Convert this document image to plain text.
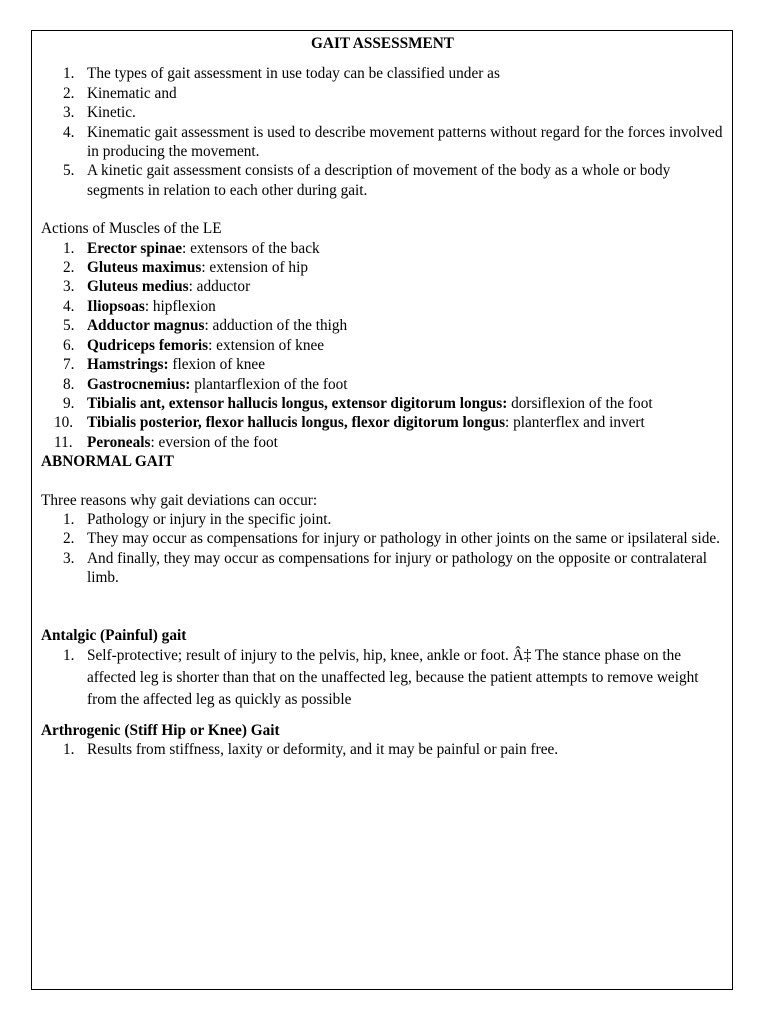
GAIT ASSESSMENT
1. The types of gait assessment in use today can be classified under as
2. Kinematic and
3. Kinetic.
4. Kinematic gait assessment is used to describe movement patterns without regard for the forces involved in producing the movement.
5. A kinetic gait assessment consists of a description of movement of the body as a whole or body segments in relation to each other during gait.

Actions of Muscles of the LE

1. Erector spinae: extensors of the back
2. Gluteus maximus: extension of hip
3. Gluteus medius: adductor
4. Iliopsoas: hipflexion
5. Adductor magnus: adduction of the thigh
6. Qudriceps femoris: extension of knee
7. Hamstrings: flexion of knee
8. Gastrocnemius: plantarflexion of the foot
9. Tibialis ant, extensor hallucis longus, extensor digitorum longus: dorsiflexion of the foot
10. Tibialis posterior, flexor hallucis longus, flexor digitorum longus: planterflex and invert
11. Peroneals: eversion of the foot

ABNORMAL GAIT

Three reasons why gait deviations can occur:

1. Pathology or injury in the specific joint.
2. They may occur as compensations for injury or pathology in other joints on the same or ipsilateral side.
3. And finally, they may occur as compensations for injury or pathology on the opposite or contralateral limb.

Antalgic (Painful) gait

1. Self-protective; result of injury to the pelvis, hip, knee, ankle or foot. Â‡ The stance phase on the affected leg is shorter than that on the unaffected leg, because the patient attempts to remove weight from the affected leg as quickly as possible

Arthrogenic (Stiff Hip or Knee) Gait

1. Results from stiffness, laxity or deformity, and it may be painful or pain free.
